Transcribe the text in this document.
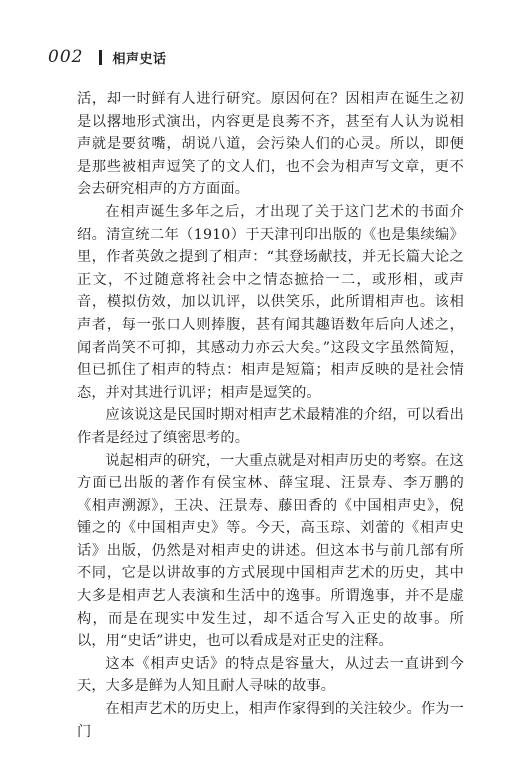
002 相声史话

活，却一时鲜有人进行研究。原因何在？因相声在诞生之初是以撂地形式演出，内容更是良莠不齐，甚至有人认为说相声就是要贫嘴，胡说八道，会污染人们的心灵。所以，即便是那些被相声逗笑了的文人们，也不会为相声写文章，更不会去研究相声的方方面面。

在相声诞生多年之后，才出现了关于这门艺术的书面介绍。清宣统二年（1910）于天津刊印出版的《也是集续编》里，作者英敛之提到了相声：“其登场献技，并无长篇大论之正文，不过随意将社会中之情态摭拾一二，或形相，或声音，模拟仿效，加以讥评，以供笑乐，此所谓相声也。该相声者，每一张口人则捧腹，甚有闻其趣语数年后向人述之，闻者尚笑不可抑，其感动力亦云大矣。”这段文字虽然简短，但已抓住了相声的特点：相声是短篇；相声反映的是社会情态，并对其进行讥评；相声是逗笑的。

应该说这是民国时期对相声艺术最精准的介绍，可以看出作者是经过了缜密思考的。

说起相声的研究，一大重点就是对相声历史的考察。在这方面已出版的著作有侯宝林、薛宝琨、汪景寿、李万鹏的《相声溯源》，王决、汪景寿、藤田香的《中国相声史》，倪锺之的《中国相声史》等。今天，高玉琮、刘蕾的《相声史话》出版，仍然是对相声史的讲述。但这本书与前几部有所不同，它是以讲故事的方式展现中国相声艺术的历史，其中大多是相声艺人表演和生活中的逸事。所谓逸事，并不是虚构，而是在现实中发生过，却不适合写入正史的故事。所以，用“史话”讲史，也可以看成是对正史的注释。

这本《相声史话》的特点是容量大，从过去一直讲到今天，大多是鲜为人知且耐人寻味的故事。

在相声艺术的历史上，相声作家得到的关注较少。作为一门
